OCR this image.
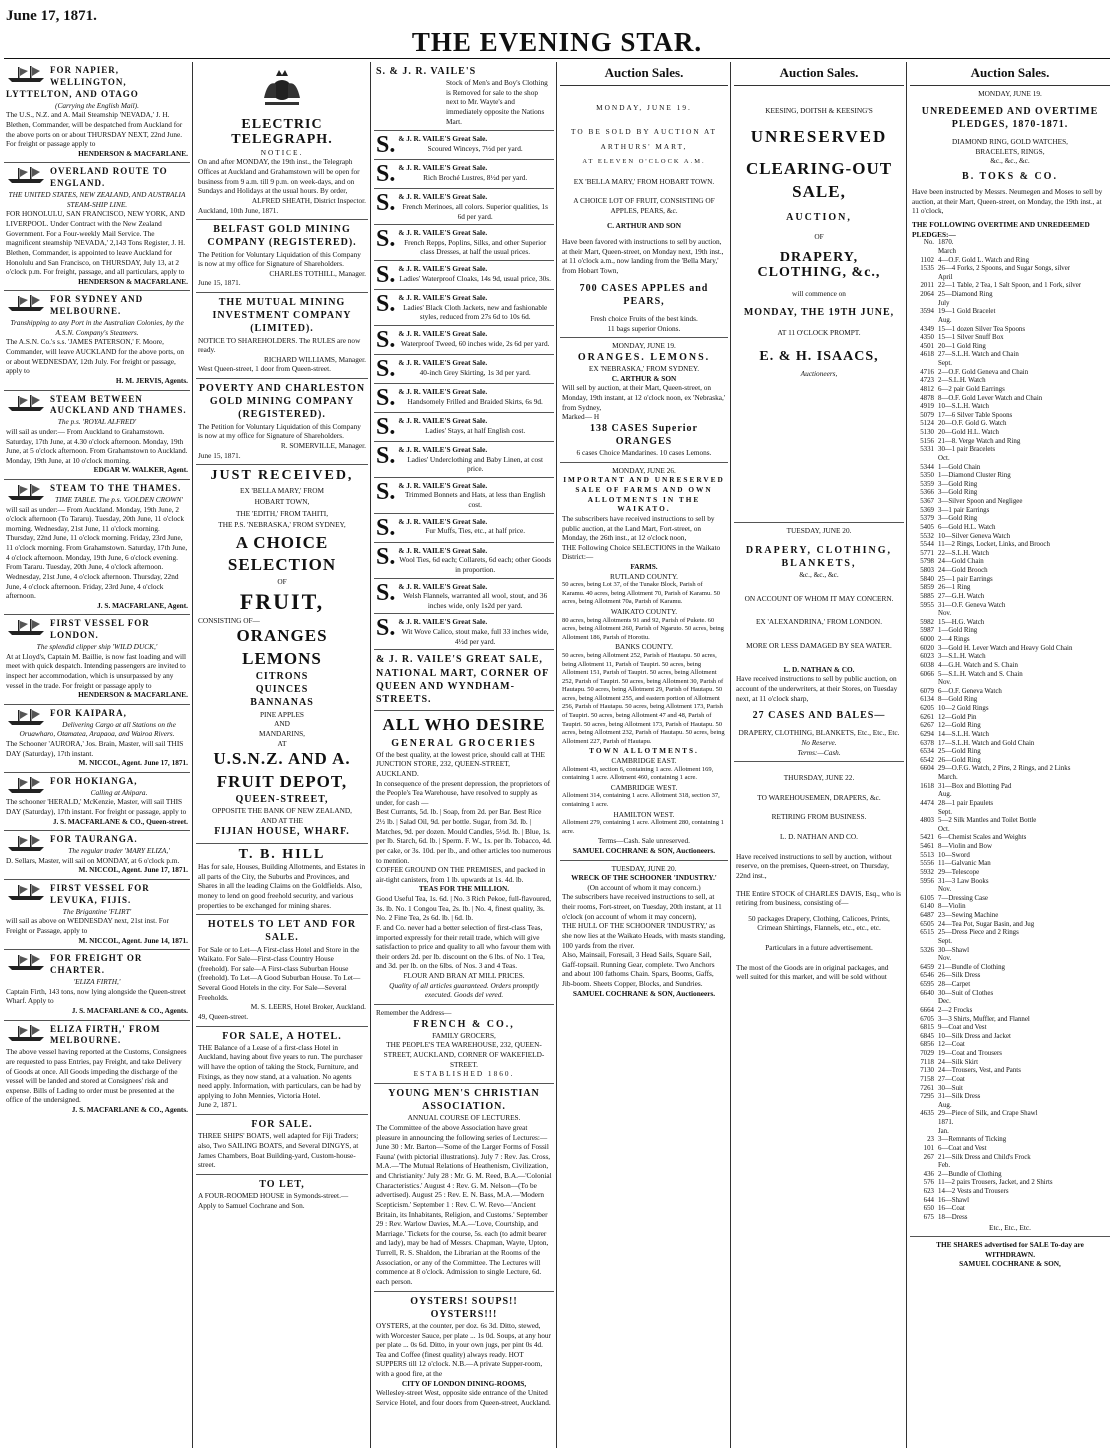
June 17, 1871.
THE EVENING STAR.
FOR NAPIER, WELLINGTON, LYTTELTON, AND OTAGO
(Carrying the English Mail).
The U.S., N.Z. and A. Mail Steamship 'NEVADA,' J. H. Blethen, Commander, will be despatched from Auckland for the above ports on or about THURSDAY NEXT, 22nd June. For freight or passage apply to
HENDERSON & MACFARLANE.
OVERLAND ROUTE TO ENGLAND.
THE UNITED STATES, NEW ZEALAND, AND AUSTRALIA STEAM-SHIP LINE.
FOR HONOLULU, SAN FRANCISCO, NEW YORK, AND LIVERPOOL. Under Contract with the New Zealand Government. For a Four-weekly Mail Service. The magnificent steamship 'NEVADA,' 2,143 Tons Register, J. H. Blethen, Commander, is appointed to leave Auckland for Honolulu and San Francisco, on THURSDAY, July 13, at 2 o'clock p.m. For freight, passage, and all particulars, apply to
HENDERSON & MACFARLANE.
FOR SYDNEY AND MELBOURNE.
Transhipping to any Port in the Australian Colonies, by the A.S.N. Company's Steamers.
The A.S.N. Co.'s s.s. 'JAMES PATERSON,' F. Moore, Commander, will leave AUCKLAND for the above ports, on or about WEDNESDAY, 12th July. For freight or passage, apply to
H. M. JERVIS, Agents.
STEAM BETWEEN AUCKLAND AND THAMES.
The p.s. 'ROYAL ALFRED'
will sail as under:— From Auckland to Grahamstown. Saturday, 17th June, at 4.30 o'clock afternoon. Monday, 19th June, at 5 o'clock afternoon. From Grahamstown to Auckland. Monday, 19th June, at 10 o'clock morning.
EDGAR W. WALKER, Agent.
STEAM TO THE THAMES.
TIME TABLE. The p.s. 'GOLDEN CROWN'
will sail as under:— From Auckland. Monday, 19th June, 2 o'clock afternoon (To Tararu). Tuesday, 20th June, 11 o'clock morning. Wednesday, 21st June, 11 o'clock morning. Thursday, 22nd June, 11 o'clock morning. Friday, 23rd June, 11 o'clock morning. From Grahamstown. Saturday, 17th June, 4 o'clock afternoon. Monday, 19th June, 6 o'clock evening. From Tararu. Tuesday, 20th June, 4 o'clock afternoon. Wednesday, 21st June, 4 o'clock afternoon. Thursday, 22nd June, 4 o'clock afternoon. Friday, 23rd June, 4 o'clock afternoon.
J. S. MACFARLANE, Agent.
FIRST VESSEL FOR LONDON.
The splendid clipper ship 'WILD DUCK,'
At at Lloyd's, Captain M. Baillie, is now fast loading and will meet with quick despatch. Intending passengers are invited to inspect her accommodation, which is unsurpassed by any vessel in the trade. For freight or passage apply to
HENDERSON & MACFARLANE.
FOR KAIPARA,
Delivering Cargo at all Stations on the Oruawharo, Otamatea, Arapaoa, and Wairoa Rivers.
The Schooner 'AURORA,' Jos. Brain, Master, will sail THIS DAY (Saturday), 17th instant.
M. NICCOL, Agent. June 17, 1871.
FOR HOKIANGA,
Calling at Ahipara.
The schooner 'HERALD,' McKenzie, Master, will sail THIS DAY (Saturday), 17th instant. For freight or passage, apply to
J. S. MACFARLANE & CO., Queen-street.
FOR TAURANGA.
The regular trader 'MARY ELIZA,'
D. Sellars, Master, will sail on MONDAY, at 6 o'clock p.m.
M. NICCOL, Agent. June 17, 1871.
FIRST VESSEL FOR LEVUKA, FIJIS.
The Brigantine 'FLIRT'
will sail as above on WEDNESDAY next, 21st inst. For Freight or Passage, apply to
M. NICCOL, Agent. June 14, 1871.
FOR FREIGHT OR CHARTER.
'ELIZA FIRTH,'
Captain Firth, 143 tons, now lying alongside the Queen-street Wharf. Apply to
J. S. MACFARLANE & CO., Agents.
ELIZA FIRTH,' FROM MELBOURNE.
The above vessel having reported at the Customs, Consignees are requested to pass Entries, pay Freight, and take Delivery of Goods at once. All Goods impeding the discharge of the vessel will be landed and stored at Consignees' risk and expense. Bills of Lading to order must be presented at the office of the undersigned.
J. S. MACFARLANE & CO., Agents.
ELECTRIC TELEGRAPH.
NOTICE.
On and after MONDAY, the 19th inst., the Telegraph Offices at Auckland and Grahamstown will be open for business from 9 a.m. till 9 p.m. on week-days, and on Sundays and Holidays at the usual hours. By order,
ALFRED SHEATH, District Inspector.
Auckland, 10th June, 1871.
BELFAST GOLD MINING COMPANY (REGISTERED).
The Petition for Voluntary Liquidation of this Company is now at my office for Signature of Shareholders.
CHARLES TOTHILL, Manager.
June 15, 1871.
THE MUTUAL MINING INVESTMENT COMPANY (LIMITED).
NOTICE TO SHAREHOLDERS. The RULES are now ready.
RICHARD WILLIAMS, Manager.
West Queen-street, 1 door from Queen-street.
POVERTY AND CHARLESTON GOLD MINING COMPANY (REGISTERED).
The Petition for Voluntary Liquidation of this Company is now at my office for Signature of Shareholders.
R. SOMERVILLE, Manager.
June 15, 1871.
JUST RECEIVED,
EX 'BELLA MARY,' FROM
HOBART TOWN,
THE 'EDITH,' FROM TAHITI,
THE P.S. 'NEBRASKA,' FROM SYDNEY,
A CHOICE SELECTION
OF
FRUIT,
CONSISTING OF—
ORANGES
LEMONS
CITRONS
QUINCES
BANNANAS
PINE APPLES
AND
MANDARINS,
AT
U.S.N.Z. AND A.
FRUIT DEPOT,
QUEEN-STREET,
OPPOSITE THE BANK OF NEW ZEALAND,
AND AT THE
FIJIAN HOUSE, WHARF.
T. B. HILL
Has for sale, Houses, Building Allotments, and Estates in all parts of the City, the Suburbs and Provinces, and Shares in all the leading Claims on the Goldfields. Also, money to lend on good freehold security, and various properties to be exchanged for mining shares.
HOTELS TO LET AND FOR SALE.
For Sale or to Let—A First-class Hotel and Store in the Waikato. For Sale—First-class Country House (freehold). For sale—A First-class Suburban House (freehold). To Let—A Good Suburban House. To Let—Several Good Hotels in the city. For Sale—Several Freeholds.
M. S. LEERS, Hotel Broker, Auckland.
49, Queen-street.
FOR SALE, A HOTEL.
THE Balance of a Lease of a first-class Hotel in Auckland, having about five years to run. The purchaser will have the option of taking the Stock, Furniture, and Fixings, as they now stand, at a valuation. No agents need apply. Information, with particulars, can be had by applying to John Mennies, Victoria Hotel.
June 2, 1871.
FOR SALE.
THREE SHIPS' BOATS, well adapted for Fiji Traders; also, Two SAILING BOATS, and Several DINGYS, at James Chambers, Boat Building-yard, Custom-house-street.
TO LET,
A FOUR-ROOMED HOUSE in Symonds-street.—Apply to Samuel Cochrane and Son.
S. & J. R. VAILE'S
Stock of Men's and Boy's Clothing is Removed for sale to the shop next to Mr. Wayte's and immediately opposite the Nations Mart.
S. & J. R. VAILE'S Great Sale.
Scoured Winceys, 7½d per yard.
S. & J. R. VAILE'S Great Sale.
Rich Broché Lustres, 8½d per yard.
S. & J. R. VAILE'S Great Sale.
French Merinoes, all colors. Superior qualities, 1s 6d per yard.
S. & J. R. VAILE'S Great Sale.
French Repps, Poplins, Silks, and other Superior class Dresses, at half the usual prices.
S. & J. R. VAILE'S Great Sale.
Ladies' Waterproof Cloaks, 14s 9d, usual price, 30s.
S. & J. R. VAILE'S Great Sale.
Ladies' Black Cloth Jackets, new and fashionable styles, reduced from 27s 6d to 10s 6d.
S. & J. R. VAILE'S Great Sale.
Waterproof Tweed, 60 inches wide, 2s 6d per yard.
S. & J. R. VAILE'S Great Sale.
40-inch Grey Skirting, 1s 3d per yard.
S. & J. R. VAILE'S Great Sale.
Handsomely Frilled and Braided Skirts, 6s 9d.
S. & J. R. VAILE'S Great Sale.
Ladies' Stays, at half English cost.
S. & J. R. VAILE'S Great Sale.
Ladies' Underclothing and Baby Linen, at cost price.
S. & J. R. VAILE'S Great Sale.
Trimmed Bonnets and Hats, at less than English cost.
S. & J. R. VAILE'S Great Sale.
Fur Muffs, Ties, etc., at half price.
S. & J. R. VAILE'S Great Sale.
Wool Ties, 6d each; Collarets, 6d each; other Goods in proportion.
S. & J. R. VAILE'S Great Sale.
Welsh Flannels, warranted all wool, stout, and 36 inches wide, only 1s2d per yard.
S. & J. R. VAILE'S Great Sale.
Wit Wove Calico, stout make, full 33 inches wide, 4½d per yard.
& J. R. VAILE'S GREAT SALE, NATIONAL MART, CORNER OF QUEEN AND WYNDHAM-STREETS.
ALL WHO DESIRE
GENERAL GROCERIES
Of the best quality, at the lowest price, should call at THE JUNCTION STORE, 232, QUEEN-STREET, AUCKLAND.
In consequence of the present depression, the proprietors of the People's Tea Warehouse, have resolved to supply as under, for cash —
Best Currants, 5d. lb. | Soap, from 2d. per Bar. Best Rice 2½ lb. | Salad Oil, 9d. per bottle. Sugar, from 3d. lb. | Matches, 9d. per dozen. Mould Candles, 5½d. lb. | Blue, 1s. per lb. Starch, 6d. lb. | Sperm. F. W., 1s. per lb. Tobacco, 4d. per cake, or 3s. 10d. per lb., and other articles too numerous to mention.
COFFEE GROUND ON THE PREMISES, and packed in air-tight canisters, from 1 lb. upwards at 1s. 4d. lb.
TEAS FOR THE MILLION.
Good Useful Tea, 1s. 6d. | No. 3 Rich Pekoe, full-flavoured, 3s. lb. No. 1 Congou Tea, 2s. lb. | No. 4, finest quality, 3s. No. 2 Fine Tea, 2s 6d. lb. | 6d. lb.
F. and Co. never had a better selection of first-class Teas, imported expressly for their retail trade, which will give satisfaction to price and quality to all who favour them with their orders 2d. per lb. discount on the 6 lbs. of No. 1 Tea, and 3d. per lb. on the 6lbs. of Nos. 3 and 4 Teas.
FLOUR AND BRAN AT MILL PRICES.
Quality of all articles guaranteed. Orders promptly executed. Goods del vered.
Remember the Address—
FRENCH & CO.,
FAMILY GROCERS,
THE PEOPLE'S TEA WAREHOUSE, 232, QUEEN-STREET, AUCKLAND, CORNER OF WAKEFIELD-STREET.
ESTABLISHED 1860.
YOUNG MEN'S CHRISTIAN ASSOCIATION.
ANNUAL COURSE OF LECTURES.
The Committee of the above Association have great pleasure in announcing the following series of Lectures:— June 30 : Mr. Barton—'Some of the Larger Forms of Fossil Fauna' (with pictorial illustrations). July 7 : Rev. Jas. Cross, M.A.—'The Mutual Relations of Heathenism, Civilization, and Christianity.' July 28 : Mr. G. M. Reed, B.A.—'Colonial Characteristics.' August 4 : Rev. G. M. Nelson—(To be advertised). August 25 : Rev. E. N. Bass, M.A.—'Modern Scepticism.' September 1 : Rev. C. W. Revo—'Ancient Britain, its Inhabitants, Religion, and Customs.' September 29 : Rev. Warlow Davies, M.A.—'Love, Courtship, and Marriage.' Tickets for the course, 5s. each (to admit bearer and lady), may be had of Messrs. Chapman, Wayte, Upton, Turrell, R. S. Shaldon, the Librarian at the Rooms of the Association, or any of the Committee. The Lectures will commence at 8 o'clock. Admission to single Lecture, 6d. each person.
OYSTERS! SOUPS!! OYSTERS!!!
OYSTERS, at the counter, per doz. 6s 3d. Ditto, stewed, with Worcester Sauce, per plate ... 1s 0d. Soups, at any hour per plate ... 0s 6d. Ditto, in your own jugs, per pint 0s 4d. Tea and Coffee (finest quality) always ready. HOT SUPPERS till 12 o'clock. N.B.—A private Supper-room, with a good fire, at the
CITY OF LONDON DINING-ROOMS,
Wellesley-street West, opposite side entrance of the United Service Hotel, and four doors from Queen-street, Auckland.
Auction Sales.
MONDAY, JUNE 19.
TO BE SOLD BY AUCTION AT
ARTHURS' MART,
AT ELEVEN O'CLOCK A.M.
EX 'BELLA MARY,' FROM HOBART TOWN.
A CHOICE LOT OF FRUIT, CONSISTING OF APPLES, PEARS, &c.
C. ARTHUR AND SON
Have been favored with instructions to sell by auction, at their Mart, Queen-street, on Monday next, 19th inst., at 11 o'clock a.m., now landing from the 'Bella Mary,' from Hobart Town,
700 CASES APPLES and PEARS,
Fresh choice Fruits of the best kinds.
11 bags superior Onions.
MONDAY, JUNE 19.
ORANGES. LEMONS.
EX 'NEBRASKA,' FROM SYDNEY.
C. ARTHUR & SON
Will sell by auction, at their Mart, Queen-street, on Monday, 19th instant, at 12 o'clock noon, ex 'Nebraska,' from Sydney,
Marked— H
138 CASES Superior ORANGES
6 cases Choice Mandarines. 10 cases Lemons.
MONDAY, JUNE 26.
IMPORTANT AND UNRESERVED SALE OF FARMS AND OWN ALLOTMENTS IN THE WAIKATO.
The subscribers have received instructions to sell by public auction, at the Land Mart, Fort-street, on Monday, the 26th inst., at 12 o'clock noon,
THE Following Choice SELECTIONS in the Waikato District:—
FARMS.
RUTLAND COUNTY.
50 acres, being Lot 37, of the Tunake Block, Parish of Karamu. 40 acres, being Allotment 70, Parish of Karamu. 50 acres, being Allotment 70a, Parish of Karamu.
WAIKATO COUNTY.
80 acres, being Allotments 91 and 92, Parish of Pukete. 60 acres, being Allotment 260, Parish of Ngaruto. 50 acres, being Allotment 186, Parish of Horotiu.
BANKS COUNTY.
50 acres, being Allotment 252, Parish of Hautapu. 50 acres, being Allotment 11, Parish of Taupiri. 50 acres, being Allotment 151, Parish of Taupiri. 50 acres, being Allotment 252, Parish of Taupiri. 50 acres, being Allotment 30, Parish of Hautapu. 50 acres, being Allotment 29, Parish of Hautapu. 50 acres, being Allotment 255, and eastern portion of Allotment 256, Parish of Hautapu. 50 acres, being Allotment 173, Parish of Taupiri. 50 acres, being Allotment 47 and 48, Parish of Taupiri. 50 acres, being Allotment 173, Parish of Hautapu. 50 acres, being Allotment 232, Parish of Hautapu. 50 acres, being Allotment 227, Parish of Hautapu.
TOWN ALLOTMENTS.
CAMBRIDGE EAST.
Allotment 43, section 6, containing 1 acre. Allotment 169, containing 1 acre. Allotment 460, containing 1 acre.
CAMBRIDGE WEST.
Allotment 314, containing 1 acre. Allotment 318, section 37, containing 1 acre.
HAMILTON WEST.
Allotment 279, containing 1 acre. Allotment 280, containing 1 acre.
Terms—Cash. Sale unreserved.
SAMUEL COCHRANE & SON, Auctioneers.
TUESDAY, JUNE 20.
WRECK OF THE SCHOONER 'INDUSTRY.'
(On account of whom it may concern.)
The subscribers have received instructions to sell, at their rooms, Fort-street, on Tuesday, 20th instant, at 11 o'clock (on account of whom it may concern),
THE HULL OF THE SCHOONER 'INDUSTRY,' as she now lies at the Waikato Heads, with masts standing, 100 yards from the river.
Also, Mainsail, Foresail, 3 Head Sails, Square Sail, Gaff-topsail. Running Gear, complete. Two Anchors and about 100 fathoms Chain. Spars, Booms, Gaffs, Jib-boom. Sheets Copper, Blocks, and Sundries.
SAMUEL COCHRANE & SON, Auctioneers.
Auction Sales.
KEESING, DOITSH & KEESING'S
UNRESERVED
CLEARING-OUT SALE,
AUCTION,
OF
DRAPERY, CLOTHING, &c.,
will commence on
MONDAY, THE 19TH JUNE,
AT 11 O'CLOCK PROMPT.
E. & H. ISAACS,
Auctioneers,
TUESDAY, JUNE 20.
DRAPERY, CLOTHING,
BLANKETS,
&c., &c., &c.
ON ACCOUNT OF WHOM IT MAY CONCERN.
EX 'ALEXANDRINA,' FROM LONDON.
MORE OR LESS DAMAGED BY SEA WATER.
L. D. NATHAN & CO.
Have received instructions to sell by public auction, on account of the underwriters, at their Stores, on Tuesday next, at 11 o'clock sharp,
27 CASES AND BALES—
DRAPERY, CLOTHING, BLANKETS, Etc., Etc., Etc.
No Reserve.
Terms:—Cash.
THURSDAY, JUNE 22.
TO WAREHOUSEMEN, DRAPERS, &c.
RETIRING FROM BUSINESS.
L. D. NATHAN AND CO.
Have received instructions to sell by auction, without reserve, on the premises, Queen-street, on Thursday, 22nd inst.,
THE Entire STOCK of CHARLES DAVIS, Esq., who is retiring from business, consisting of—
50 packages Drapery, Clothing, Calicoes, Prints, Crimean Shirtings, Flannels, etc., etc., etc.
Particulars in a future advertisement.
The most of the Goods are in original packages, and well suited for this market, and will be sold without
Auction Sales.
MONDAY, JUNE 19.
UNREDEEMED AND OVERTIME PLEDGES, 1870-1871.
DIAMOND RING, GOLD WATCHES,
BRACELETS, RINGS,
&c., &c., &c.
B. TOKS & CO.
Have been instructed by Messrs. Neumegen and Moses to sell by auction, at their Mart, Queen-street, on Monday, the 19th inst., at 11 o'clock,
THE FOLLOWING OVERTIME AND UNREDEEMED PLEDGES:—
No. 1870.
March
1102 4—O.F. Gold L. Watch and Ring
1535 26—4 Forks, 2 Spoons, and Sugar Songs, silver
April
2011 22—1 Table, 2 Tea, 1 Salt Spoon, and 1 Fork, silver
2064 25—Diamond Ring
July
3594 19—1 Gold Bracelet
Aug.
4349 15—1 dozen Silver Tea Spoons
4350 15—1 Silver Snuff Box
4501 20—1 Gold Ring
4618 27—S.L.H. Watch and Chain
Sept.
4716 2—O.F. Gold Geneva and Chain
4723 2—S.L.H. Watch
4812 6—2 pair Gold Earrings
4878 8—O.F. Gold Lever Watch and Chain
4919 10—S.L.H. Watch
5079 17—6 Silver Table Spoons
5124 20—O.F. Gold G. Watch
5130 20—Gold H.L. Watch
5156 21—8. Verge Watch and Ring
5331 30—1 pair Bracelets
Oct.
5344 1—Gold Chain
5350 1—Diamond Cluster Ring
5359 3—Gold Ring
5366 3—Gold Ring
5367 3—Silver Spoon and Negligee
5369 3—1 pair Earrings
5379 3—Gold Ring
5405 6—Gold H.L. Watch
5532 10—Silver Geneva Watch
5544 11—2 Rings, Locket, Links, and Brooch
5771 22—S.L.H. Watch
5798 24—Gold Chain
5803 24—Gold Brooch
5840 25—1 pair Earrings
5859 26—1 Ring
5885 27—G.H. Watch
5955 31—O.F. Geneva Watch
Nov.
5982 15—H.G. Watch
5987 1—Gold Ring
6000 2—4 Rings
6020 3—Gold H. Lever Watch and Heavy Gold Chain
6023 3—S.L.H. Watch
6038 4—G.H. Watch and S. Chain
6066 5—S.L.H. Watch and S. Chain
Nov.
6079 6—O.F. Geneva Watch
6134 8—Gold Ring
6205 10—2 Gold Rings
6261 12—Gold Pin
6267 12—Gold Ring
6294 14—S.L.H. Watch
6378 17—S.L.H. Watch and Gold Chain
6534 25—Gold Ring
6542 26—Gold Ring
6604 29—O.F.G. Watch, 2 Pins, 2 Rings, and 2 Links
March.
1618 31—Box and Blotting Pad
Aug.
4474 28—1 pair Epaulets
Sept.
4803 5—2 Silk Mantles and Toilet Bottle
Oct.
5421 6—Chemist Scales and Weights
5461 8—Violin and Bow
5513 10—Sword
5556 11—Galvanic Man
5932 29—Telescope
5956 31—3 Law Books
Nov.
6105 7—Dressing Case
6140 8—Violin
6487 23—Sewing Machine
6505 24—Tea Pot, Sugar Basin, and Jug
6515 25—Dress Piece and 2 Rings
Sept.
5326 30—Shawl
Nov.
6459 21—Bundle of Clothing
6546 26—Silk Dress
6595 28—Carpet
6640 30—Suit of Clothes
Dec.
6664 2—2 Frocks
6705 3—3 Shirts, Muffler, and Flannel
6815 9—Coat and Vest
6845 10—Silk Dress and Jacket
6856 12—Coat
7029 19—Coat and Trousers
7118 24—Silk Skirt
7130 24—Trousers, Vest, and Pants
7158 27—Coat
7261 30—Suit
7295 31—Silk Dress
Aug.
4635 29—Piece of Silk, and Crape Shawl
1871.
Jan.
23 3—Remnants of Ticking
101 6—Coat and Vest
267 21—Silk Dress and Child's Frock
Feb.
436 2—Bundle of Clothing
576 11—2 pairs Trousers, Jacket, and 2 Shirts
623 14—2 Vests and Trousers
644 16—Shawl
650 16—Coat
675 18—Dress
Etc., Etc., Etc.
THE SHARES advertised for SALE To-day are WITHDRAWN.
SAMUEL COCHRANE & SON,
